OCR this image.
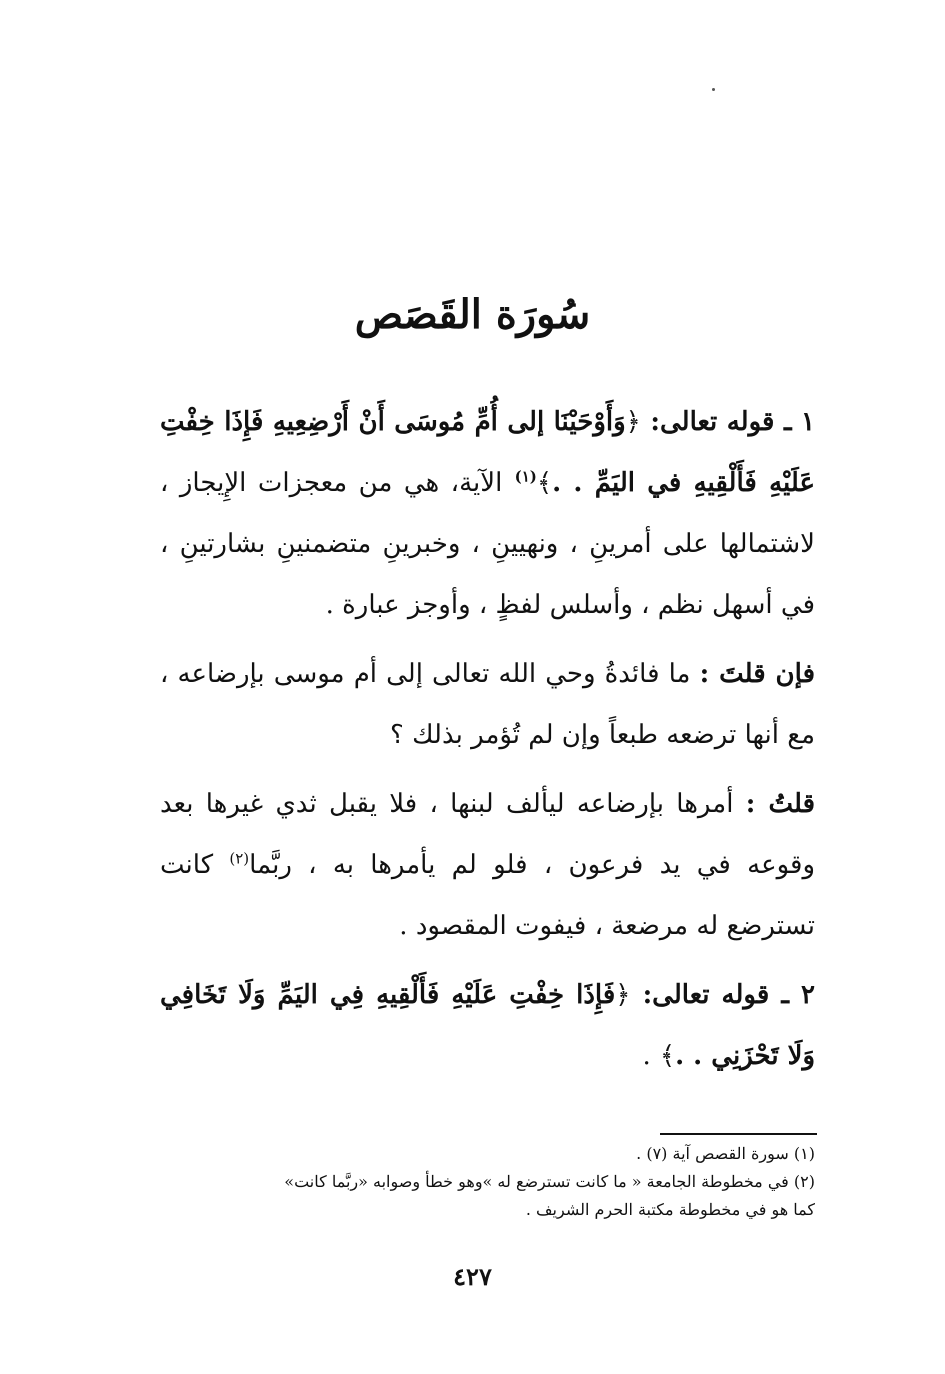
سُورَة القَصَص

١ ـ قوله تعالى: ﴿وَأَوْحَيْنَا إلى أُمِّ مُوسَى أَنْ أَرْضِعِيهِ فَإِذَا خِفْتِ عَلَيْهِ فَأَلْقِيهِ في اليَمِّ . .﴾$^{(١)}$ الآية، هي من معجزات الإِيجاز ، لاشتمالها على أمرينِ ، ونهيينِ ، وخبرينِ متضمنينِ بشارتينِ ، في أسهل نظم ، وأسلس لفظٍ ، وأوجز عبارة .

فإن قلتَ : ما فائدةُ وحي الله تعالى إلى أم موسى بإرضاعه ، مع أنها ترضعه طبعاً وإن لم تُؤمر بذلك ؟

قلتُ : أمرها بإرضاعه ليألف لبنها ، فلا يقبل ثدي غيرها بعد وقوعه في يد فرعون ، فلو لم يأمرها به ، ربَّما$^{(٢)}$ كانت تسترضع له مرضعة ، فيفوت المقصود .

٢ ـ قوله تعالى: ﴿فَإِذَا خِفْتِ عَلَيْهِ فَأَلْقِيهِ فِي اليَمِّ وَلَا تَخَافِي وَلَا تَحْزَنِي . .﴾ .

(١) سورة القصص آية (٧) .

(٢) في مخطوطة الجامعة « ما كانت تسترضع له »وهو خطأ وصوابه «ربَّما كانت»

كما هو في مخطوطة مكتبة الحرم الشريف .

٤٢٧
